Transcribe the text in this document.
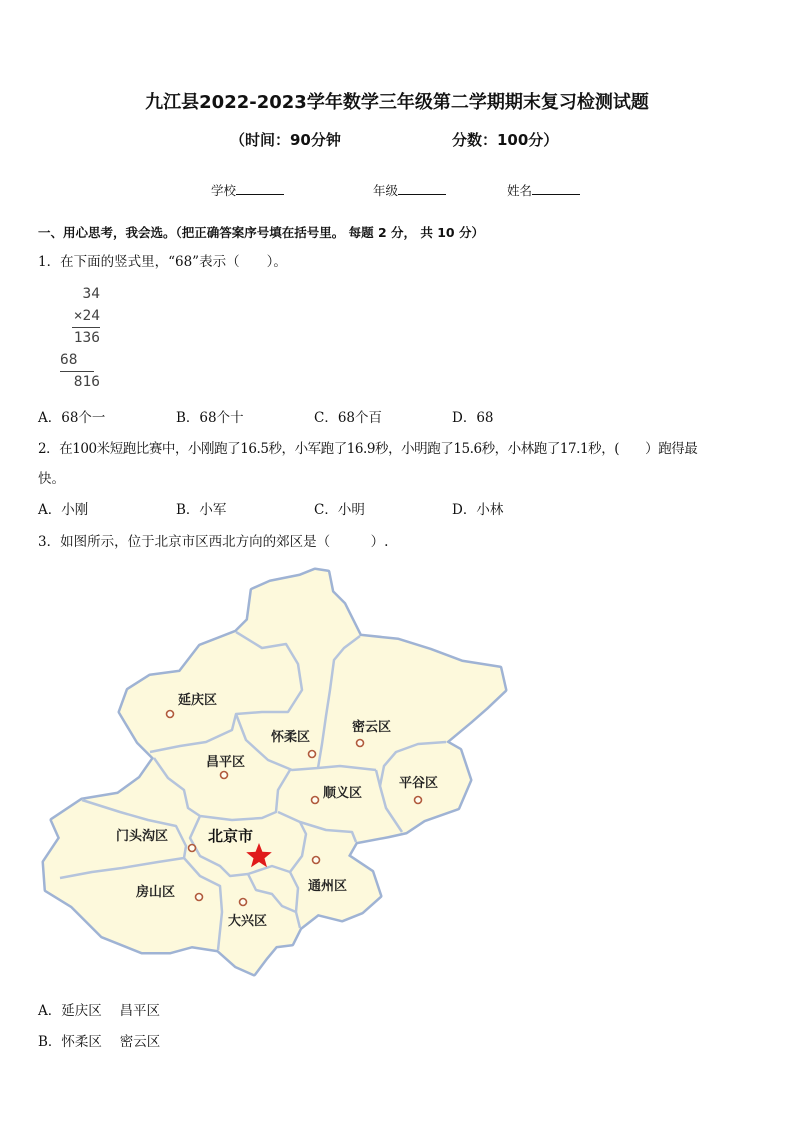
九江县2022-2023学年数学三年级第二学期期末复习检测试题
（时间：90分钟	分数：100分）
学校	年级	姓名
一、用心思考，我会选。（把正确答案序号填在括号里。 每题 2 分， 共 10 分）
1．在下面的竖式里，“68”表示（　　）。
34
×24
136
68
816
A．68个一	B．68个十	C．68个百	D．68
2．在100米短跑比赛中，小刚跑了16.5秒，小军跑了16.9秒，小明跑了15.6秒，小林跑了17.1秒，(　　）跑得最
快。
A．小刚	B．小军	C．小明	D．小林
3．如图所示，位于北京市区西北方向的郊区是（　　　）.
延庆区
怀柔区
密云区
昌平区
平谷区
顺义区
门头沟区
房山区	通州区
大兴区
北京市
A．延庆区　 昌平区
B．怀柔区　 密云区
